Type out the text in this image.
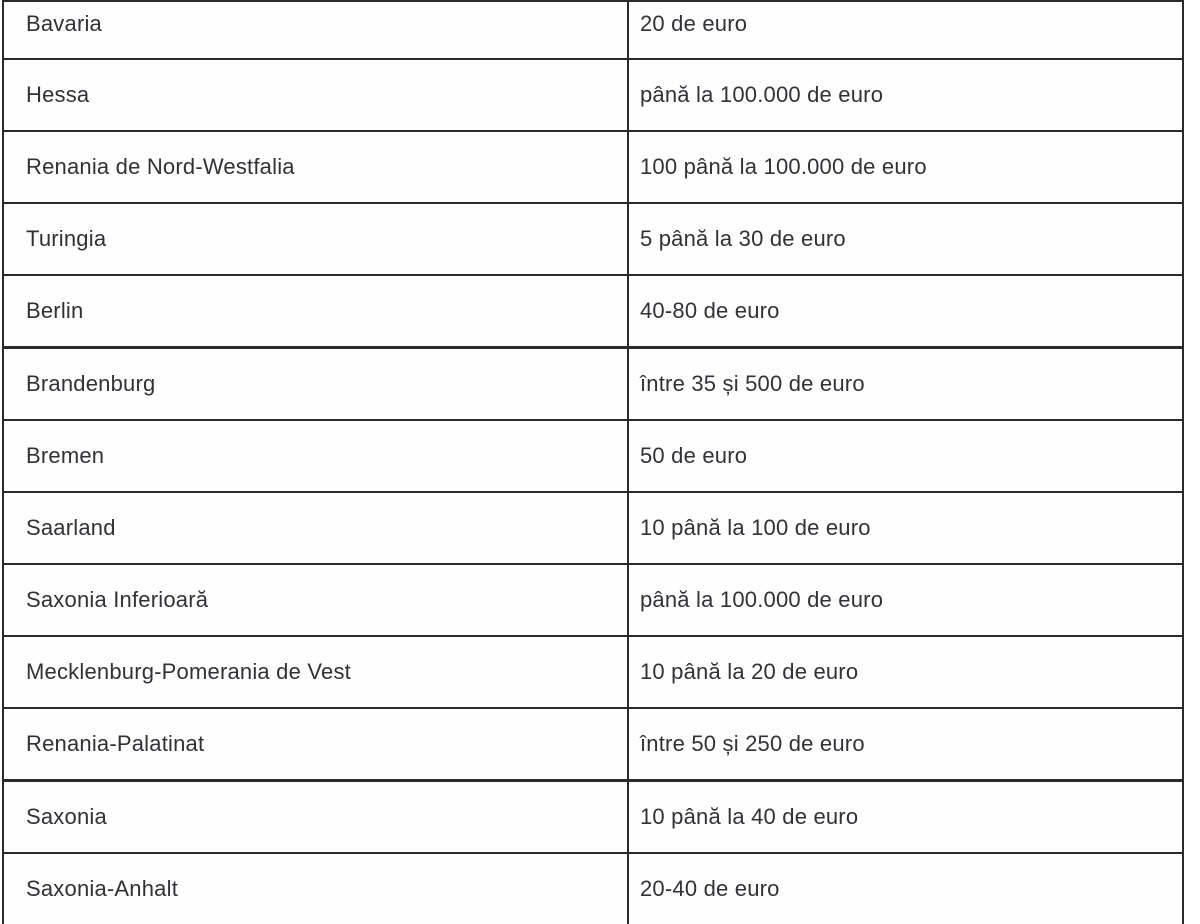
Bavaria	20 de euro
Hessa	până la 100.000 de euro
Renania de Nord-Westfalia	100 până la 100.000 de euro
Turingia	5 până la 30 de euro
Berlin	40-80 de euro
Brandenburg	între 35 și 500 de euro
Bremen	50 de euro
Saarland	10 până la 100 de euro
Saxonia Inferioară	până la 100.000 de euro
Mecklenburg-Pomerania de Vest	10 până la 20 de euro
Renania-Palatinat	între 50 și 250 de euro
Saxonia	10 până la 40 de euro
Saxonia-Anhalt	20-40 de euro
